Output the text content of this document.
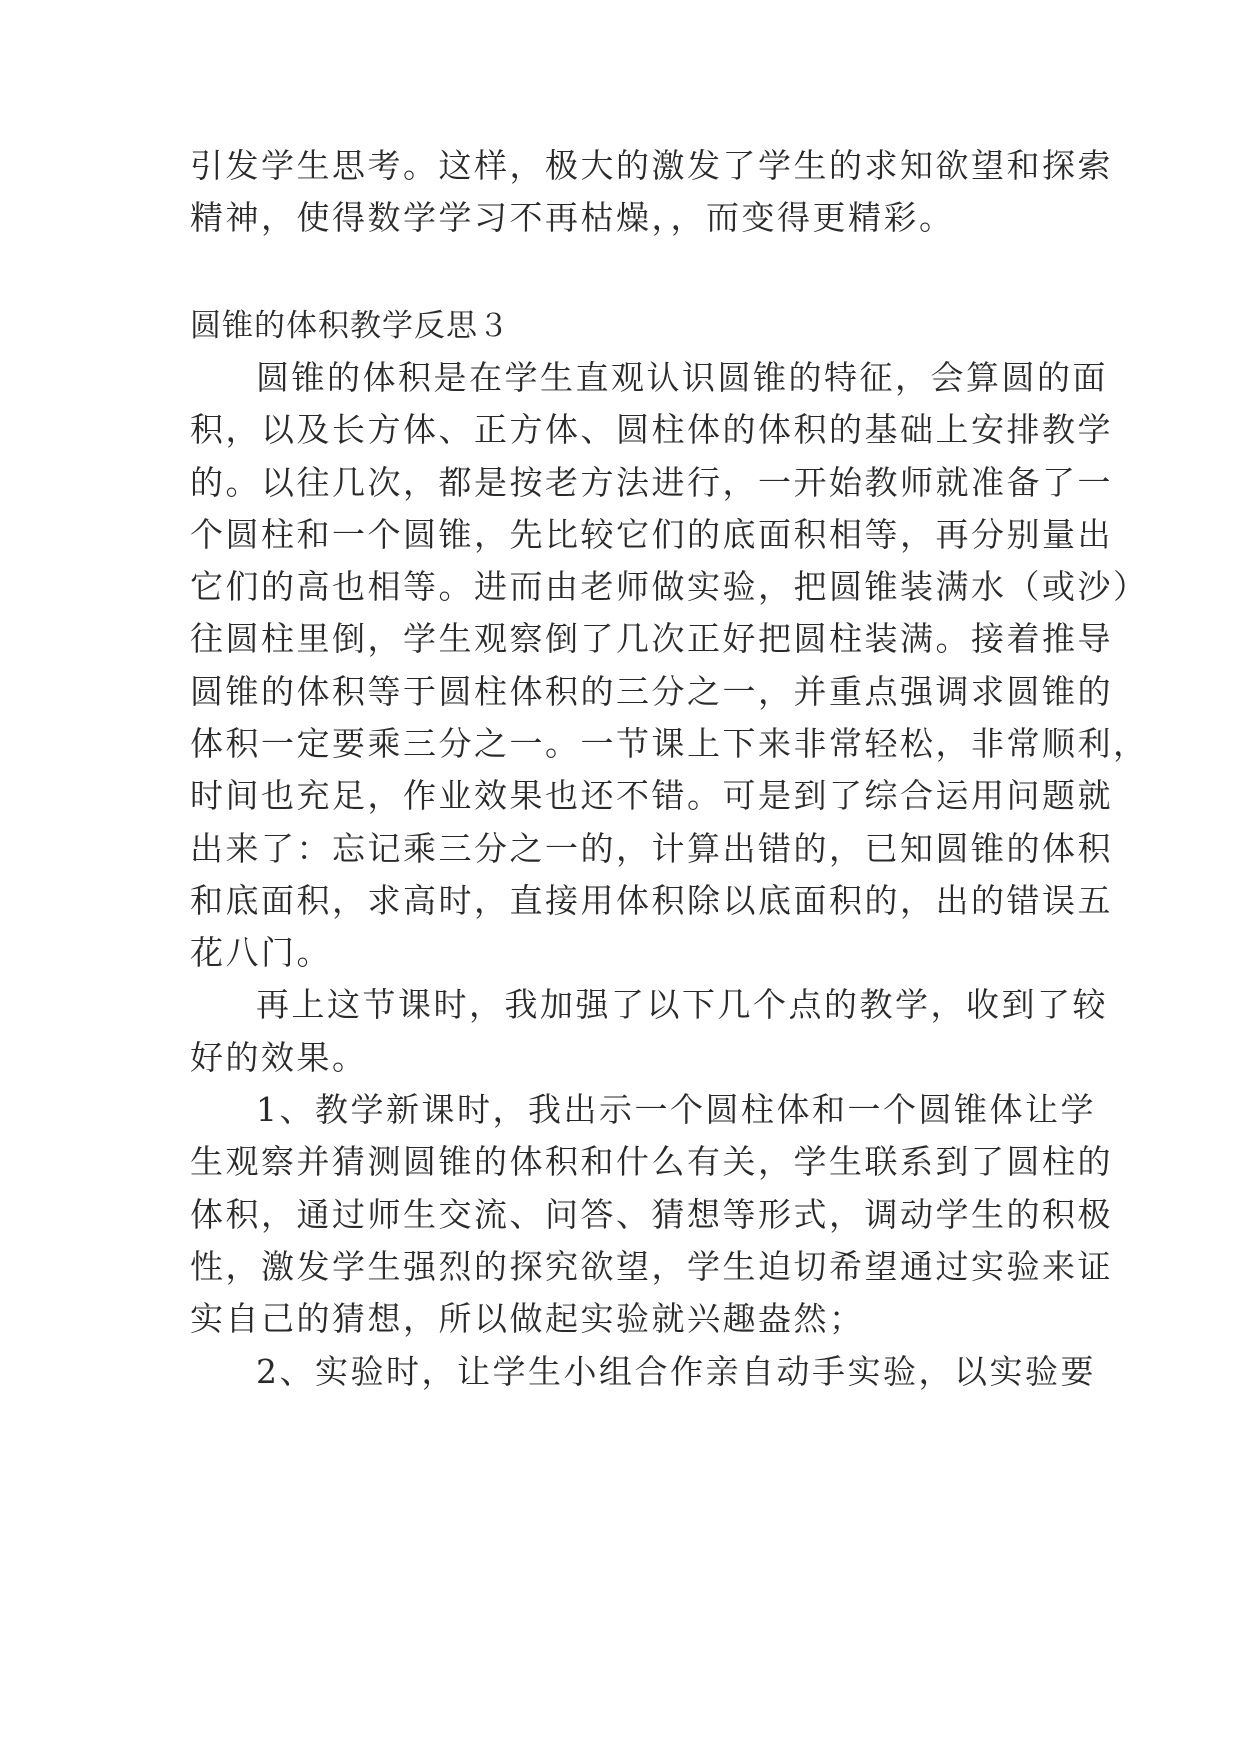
引发学生思考。这样，极大的激发了学生的求知欲望和探索
精神，使得数学学习不再枯燥，，而变得更精彩。
圆锥的体积教学反思３
圆锥的体积是在学生直观认识圆锥的特征，会算圆的面
积，以及长方体、正方体、圆柱体的体积的基础上安排教学
的。以往几次，都是按老方法进行，一开始教师就准备了一
个圆柱和一个圆锥，先比较它们的底面积相等，再分别量出
它们的高也相等。进而由老师做实验，把圆锥装满水（或沙）
往圆柱里倒，学生观察倒了几次正好把圆柱装满。接着推导
圆锥的体积等于圆柱体积的三分之一，并重点强调求圆锥的
体积一定要乘三分之一。一节课上下来非常轻松，非常顺利，
时间也充足，作业效果也还不错。可是到了综合运用问题就
出来了：忘记乘三分之一的，计算出错的，已知圆锥的体积
和底面积，求高时，直接用体积除以底面积的，出的错误五
花八门。
再上这节课时，我加强了以下几个点的教学，收到了较
好的效果。
1、教学新课时，我出示一个圆柱体和一个圆锥体让学
生观察并猜测圆锥的体积和什么有关，学生联系到了圆柱的
体积，通过师生交流、问答、猜想等形式，调动学生的积极
性，激发学生强烈的探究欲望，学生迫切希望通过实验来证
实自己的猜想，所以做起实验就兴趣盎然；
2、实验时，让学生小组合作亲自动手实验，以实验要
